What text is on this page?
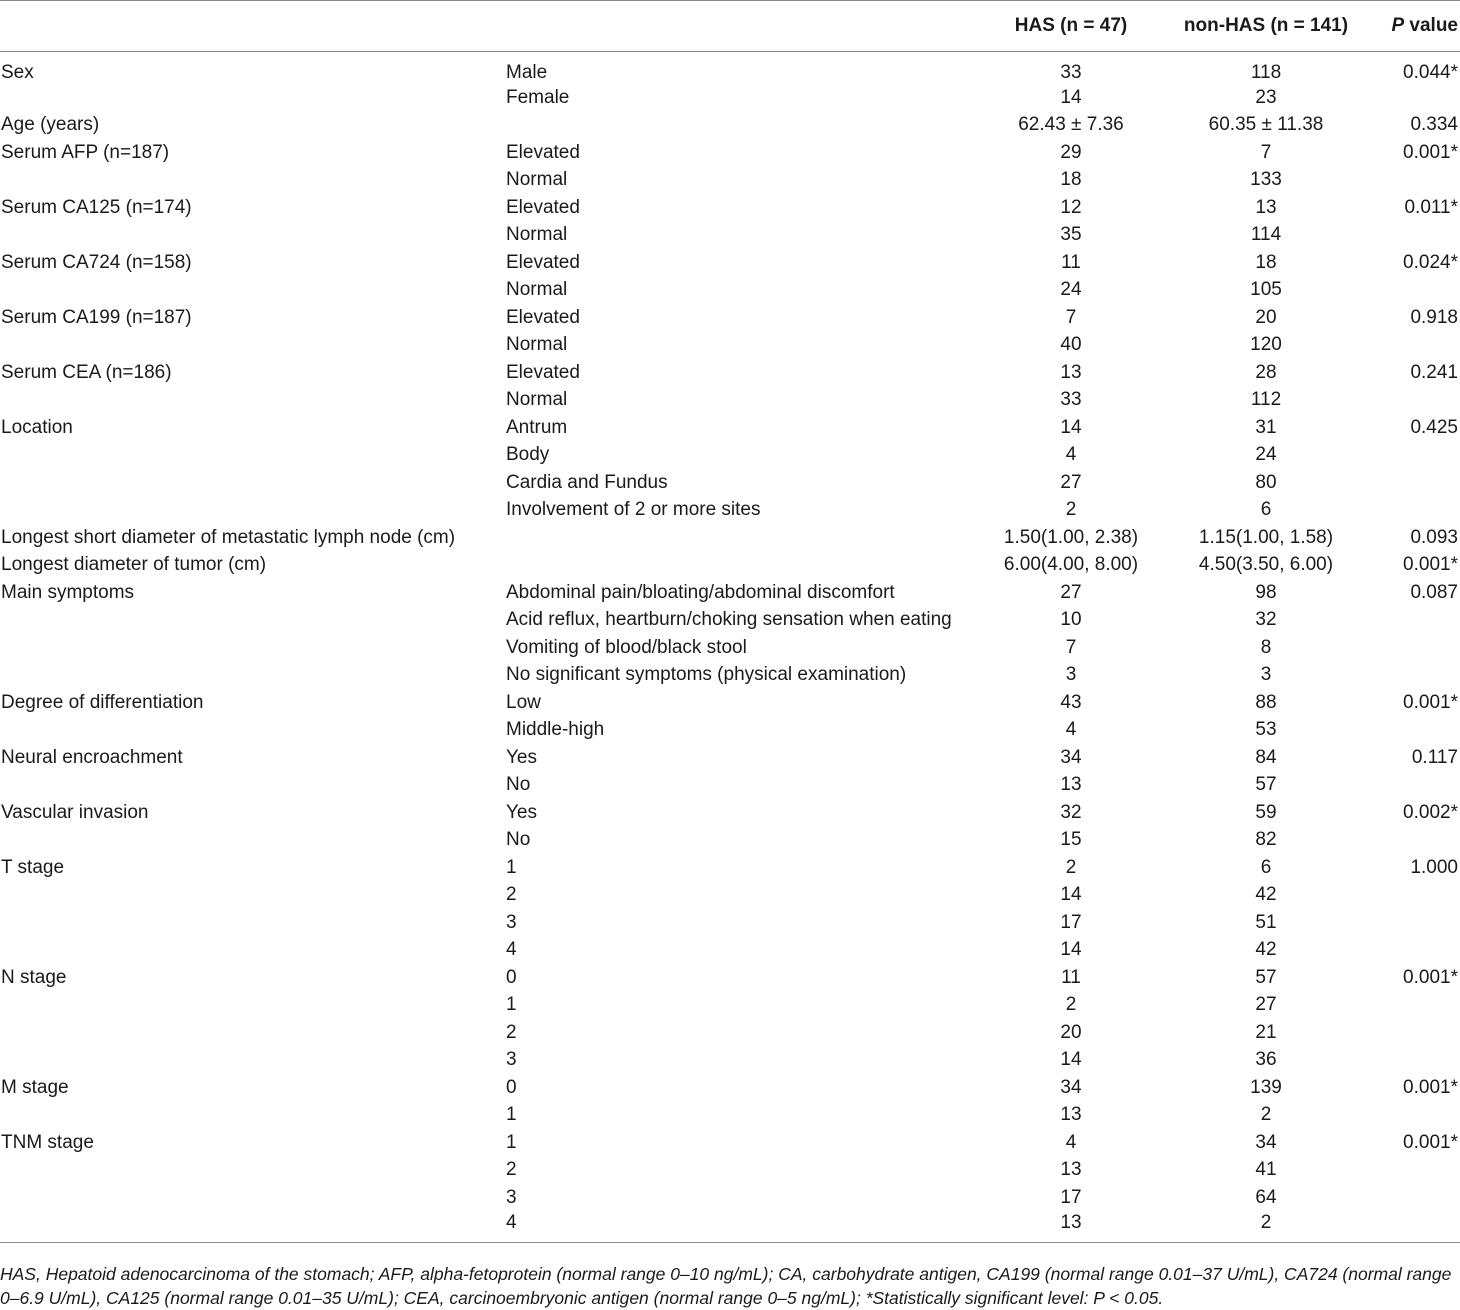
		HAS (n = 47)	non-HAS (n = 141)	P value
Sex	Male	33	118	0.044*
	Female	14	23	
Age (years)		62.43 ± 7.36	60.35 ± 11.38	0.334
Serum AFP (n=187)	Elevated	29	7	0.001*
	Normal	18	133	
Serum CA125 (n=174)	Elevated	12	13	0.011*
	Normal	35	114	
Serum CA724 (n=158)	Elevated	11	18	0.024*
	Normal	24	105	
Serum CA199 (n=187)	Elevated	7	20	0.918
	Normal	40	120	
Serum CEA (n=186)	Elevated	13	28	0.241
	Normal	33	112	
Location	Antrum	14	31	0.425
	Body	4	24	
	Cardia and Fundus	27	80	
	Involvement of 2 or more sites	2	6	
Longest short diameter of metastatic lymph node (cm)		1.50(1.00, 2.38)	1.15(1.00, 1.58)	0.093
Longest diameter of tumor (cm)		6.00(4.00, 8.00)	4.50(3.50, 6.00)	0.001*
Main symptoms	Abdominal pain/bloating/abdominal discomfort	27	98	0.087
	Acid reflux, heartburn/choking sensation when eating	10	32	
	Vomiting of blood/black stool	7	8	
	No significant symptoms (physical examination)	3	3	
Degree of differentiation	Low	43	88	0.001*
	Middle-high	4	53	
Neural encroachment	Yes	34	84	0.117
	No	13	57	
Vascular invasion	Yes	32	59	0.002*
	No	15	82	
T stage	1	2	6	1.000
	2	14	42	
	3	17	51	
	4	14	42	
N stage	0	11	57	0.001*
	1	2	27	
	2	20	21	
	3	14	36	
M stage	0	34	139	0.001*
	1	13	2	
TNM stage	1	4	34	0.001*
	2	13	41	
	3	17	64	
	4	13	2	
HAS, Hepatoid adenocarcinoma of the stomach; AFP, alpha-fetoprotein (normal range 0–10 ng/mL); CA, carbohydrate antigen, CA199 (normal range 0.01–37 U/mL), CA724 (normal range 0–6.9 U/mL), CA125 (normal range 0.01–35 U/mL); CEA, carcinoembryonic antigen (normal range 0–5 ng/mL); *Statistically significant level: P < 0.05.
